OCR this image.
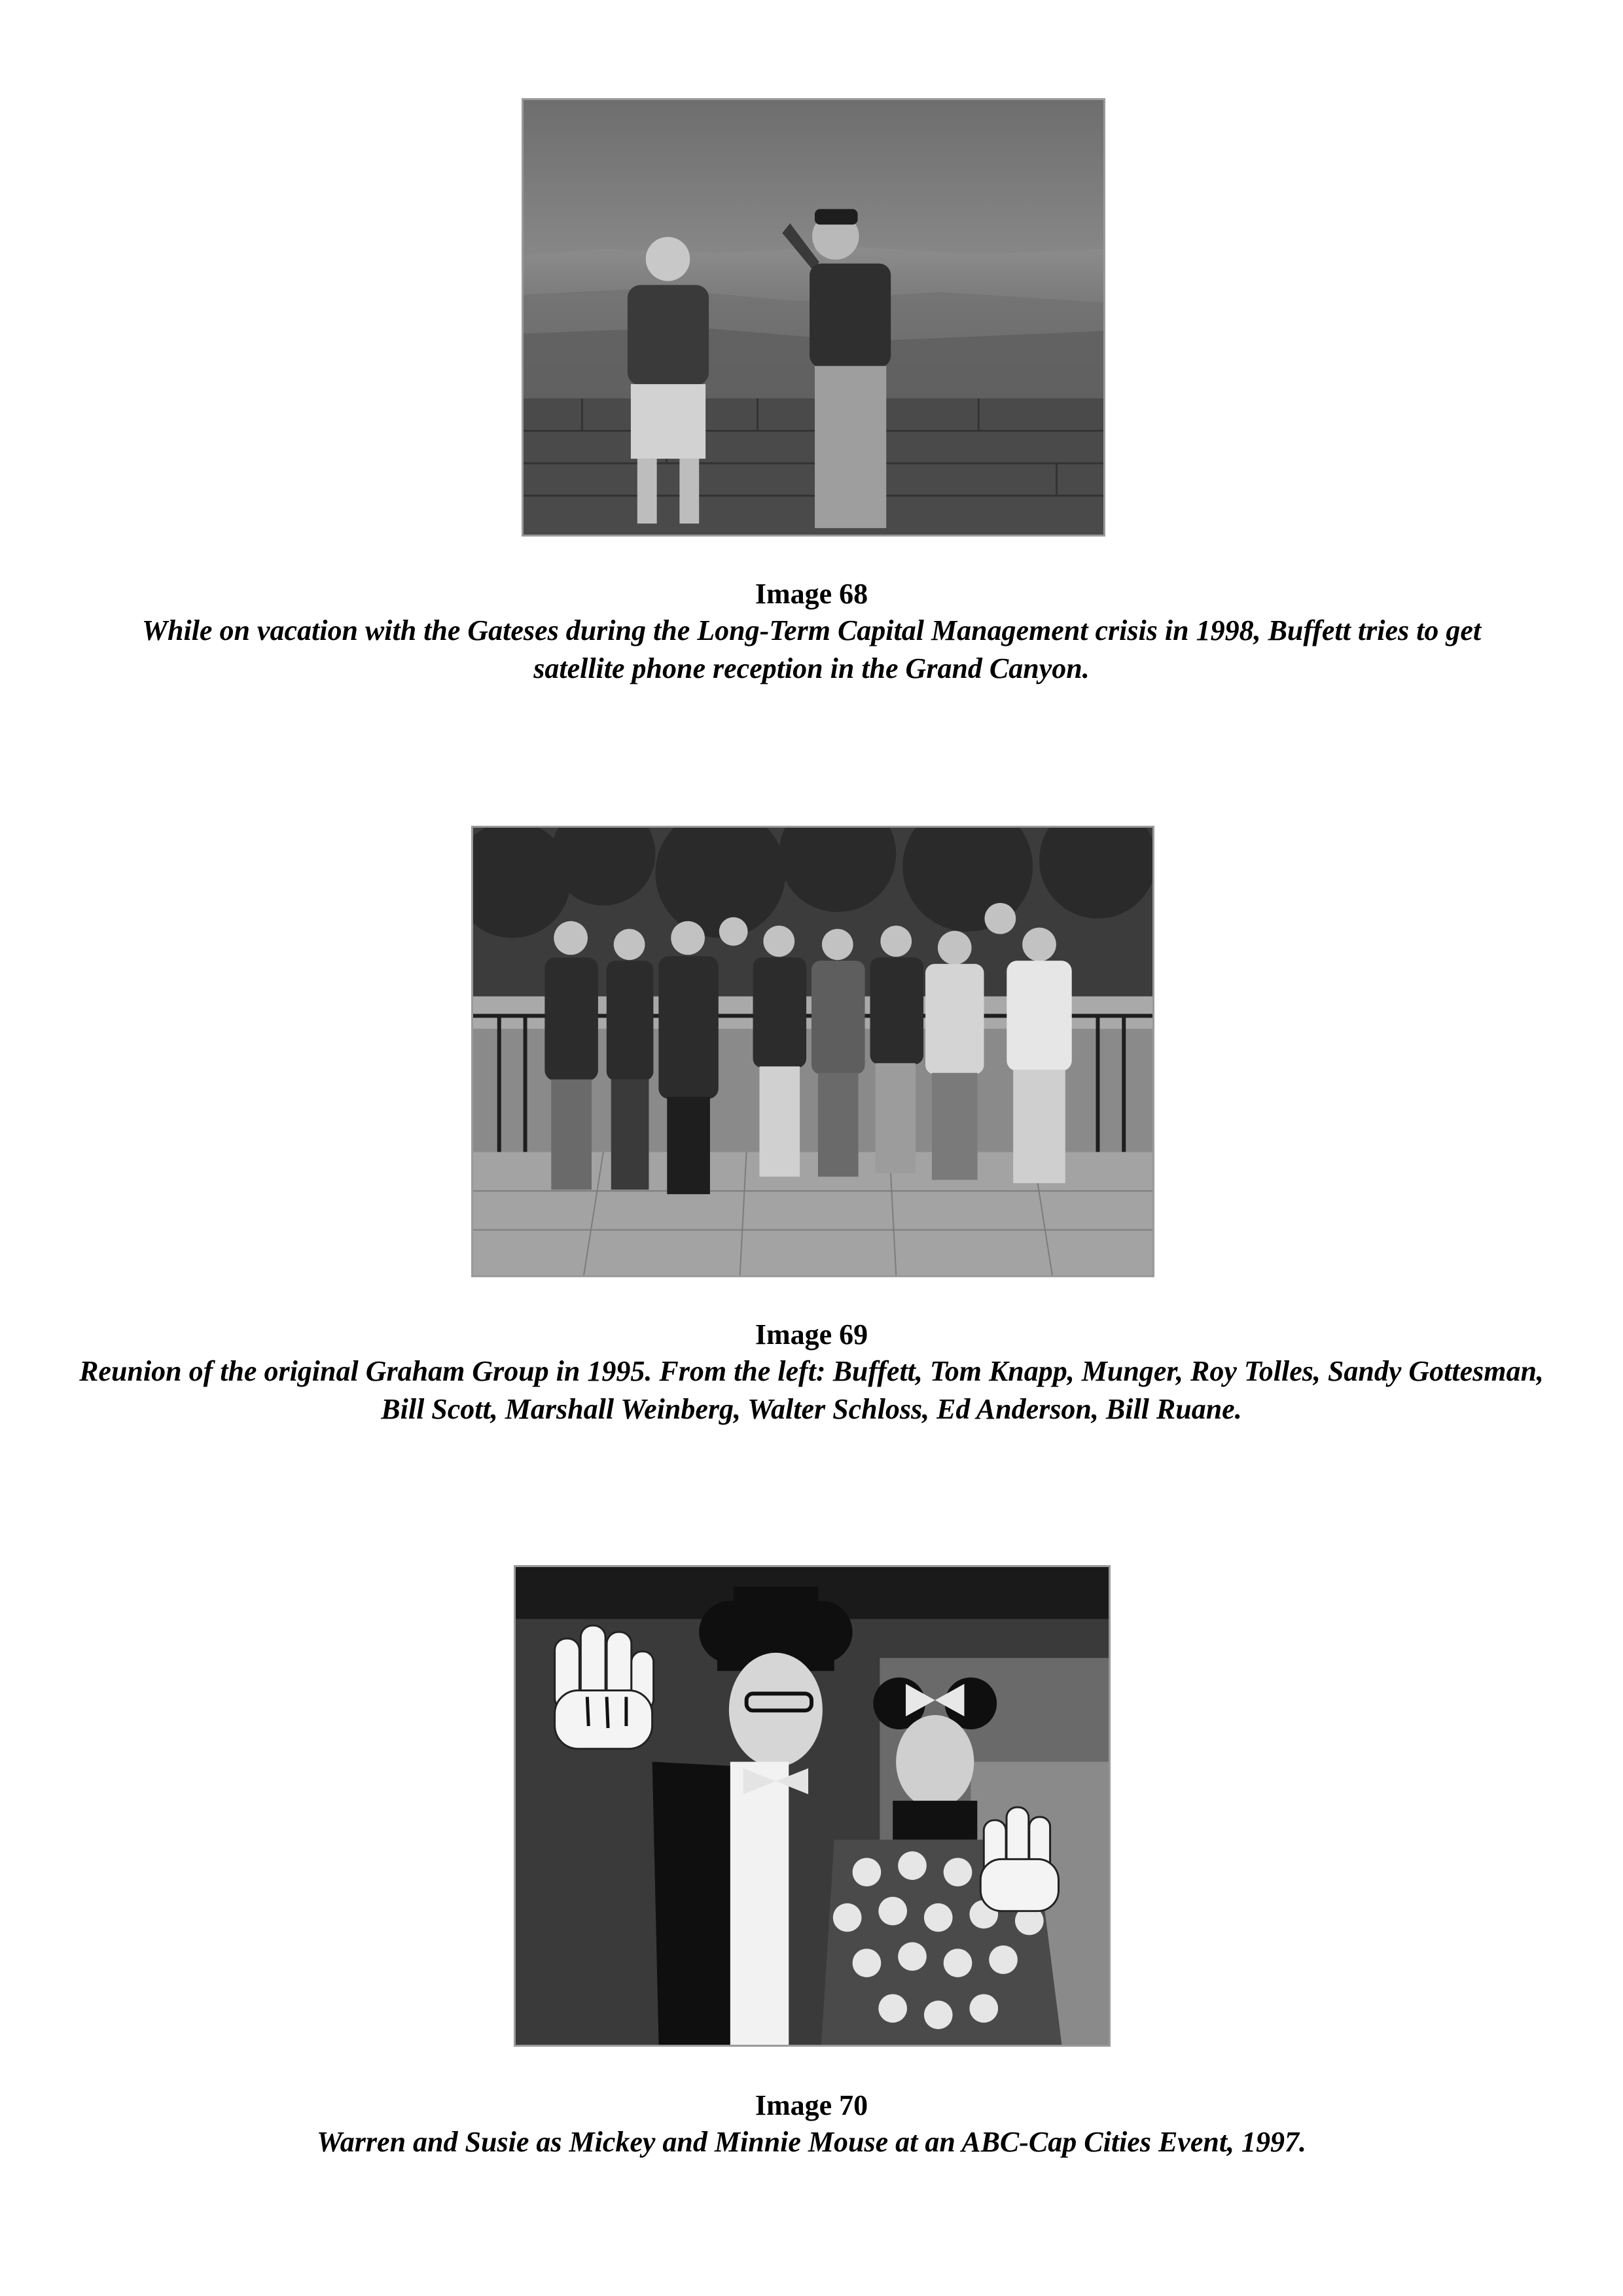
Image 68
While on vacation with the Gateses during the Long-Term Capital Management crisis in 1998, Buffett tries to get satellite phone reception in the Grand Canyon.
Image 69
Reunion of the original Graham Group in 1995. From the left: Buffett, Tom Knapp, Munger, Roy Tolles, Sandy Gottesman, Bill Scott, Marshall Weinberg, Walter Schloss, Ed Anderson, Bill Ruane.
Image 70
Warren and Susie as Mickey and Minnie Mouse at an ABC-Cap Cities Event, 1997.
